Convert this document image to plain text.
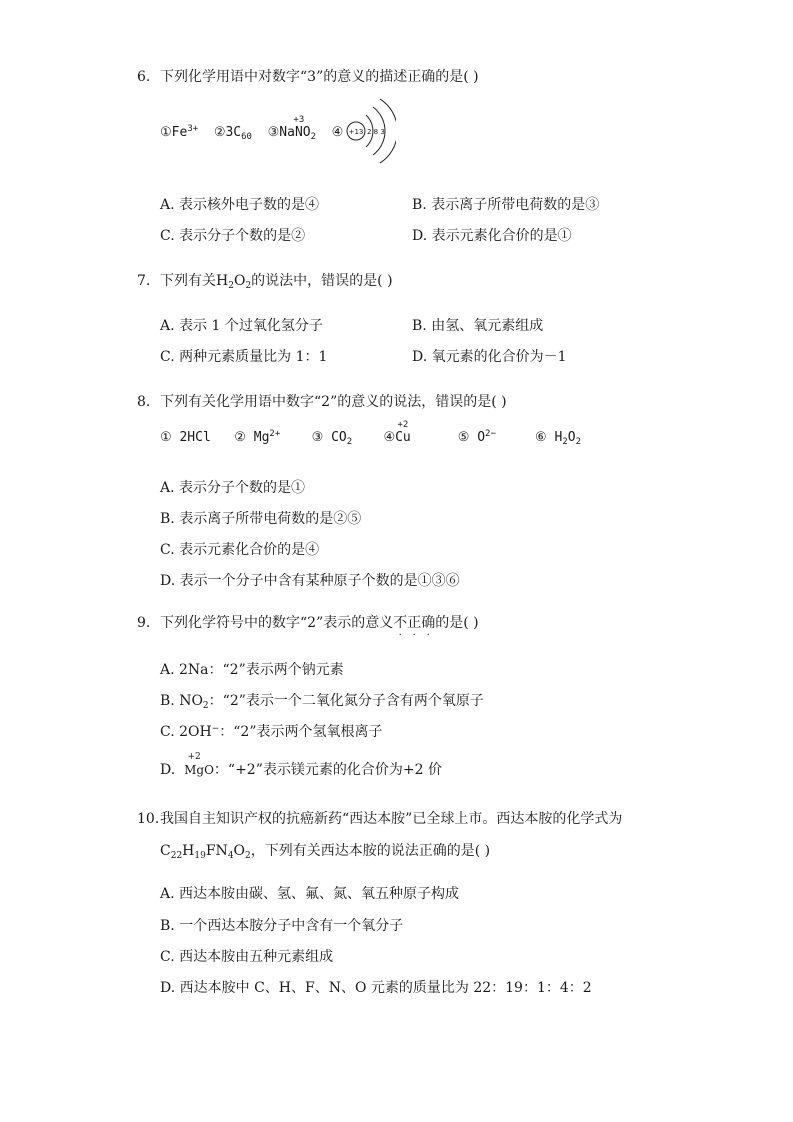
6. 下列化学用语中对数字“3”的意义的描述正确的是( )
$①Fe^{3+}$ $②3C_{60}$ ③Na
+3
$NO_2$ ④ +13 2 8 3
A. 表示核外电子数的是④	B. 表示离子所带电荷数的是③
C. 表示分子个数的是②	D. 表示元素化合价的是①
7. 下列有关$H_2O_2$的说法中，错误的是( )
A. 表示 1 个过氧化氢分子	B. 由氢、氧元素组成
C. 两种元素质量比为 1：1	D. 氧元素的化合价为－1
8. 下列有关化学用语中数字“2”的意义的说法，错误的是( )
① 2HCl ② $Mg^{2+}$ ③ $CO_2$ ④
+2
Cu	⑤ $O^{2-}$	⑥ $H_2O_2$
A. 表示分子个数的是①
B. 表示离子所带电荷数的是②⑤
C. 表示元素化合价的是④
D. 表示一个分子中含有某种原子个数的是①③⑥
9. 下列化学符号中的数字“2”表示的意义不正确的是( )
A. 2Na：“2”表示两个钠元素
B. $NO_2$：“2”表示一个二氧化氮分子含有两个氧原子
C. 2OH−：“2”表示两个氢氧根离子
D.
+2
MgO：“+2”表示镁元素的化合价为+2 价
10.我国自主知识产权的抗癌新药“西达本胺”已全球上市。西达本胺的化学式为
$C_{22}H_{19}FN_4O_2$，下列有关西达本胺的说法正确的是( )
A. 西达本胺由碳、氢、氟、氮、氧五种原子构成
B. 一个西达本胺分子中含有一个氧分子
C. 西达本胺由五种元素组成
D. 西达本胺中 C、H、F、N、O 元素的质量比为 22：19：1：4：2
